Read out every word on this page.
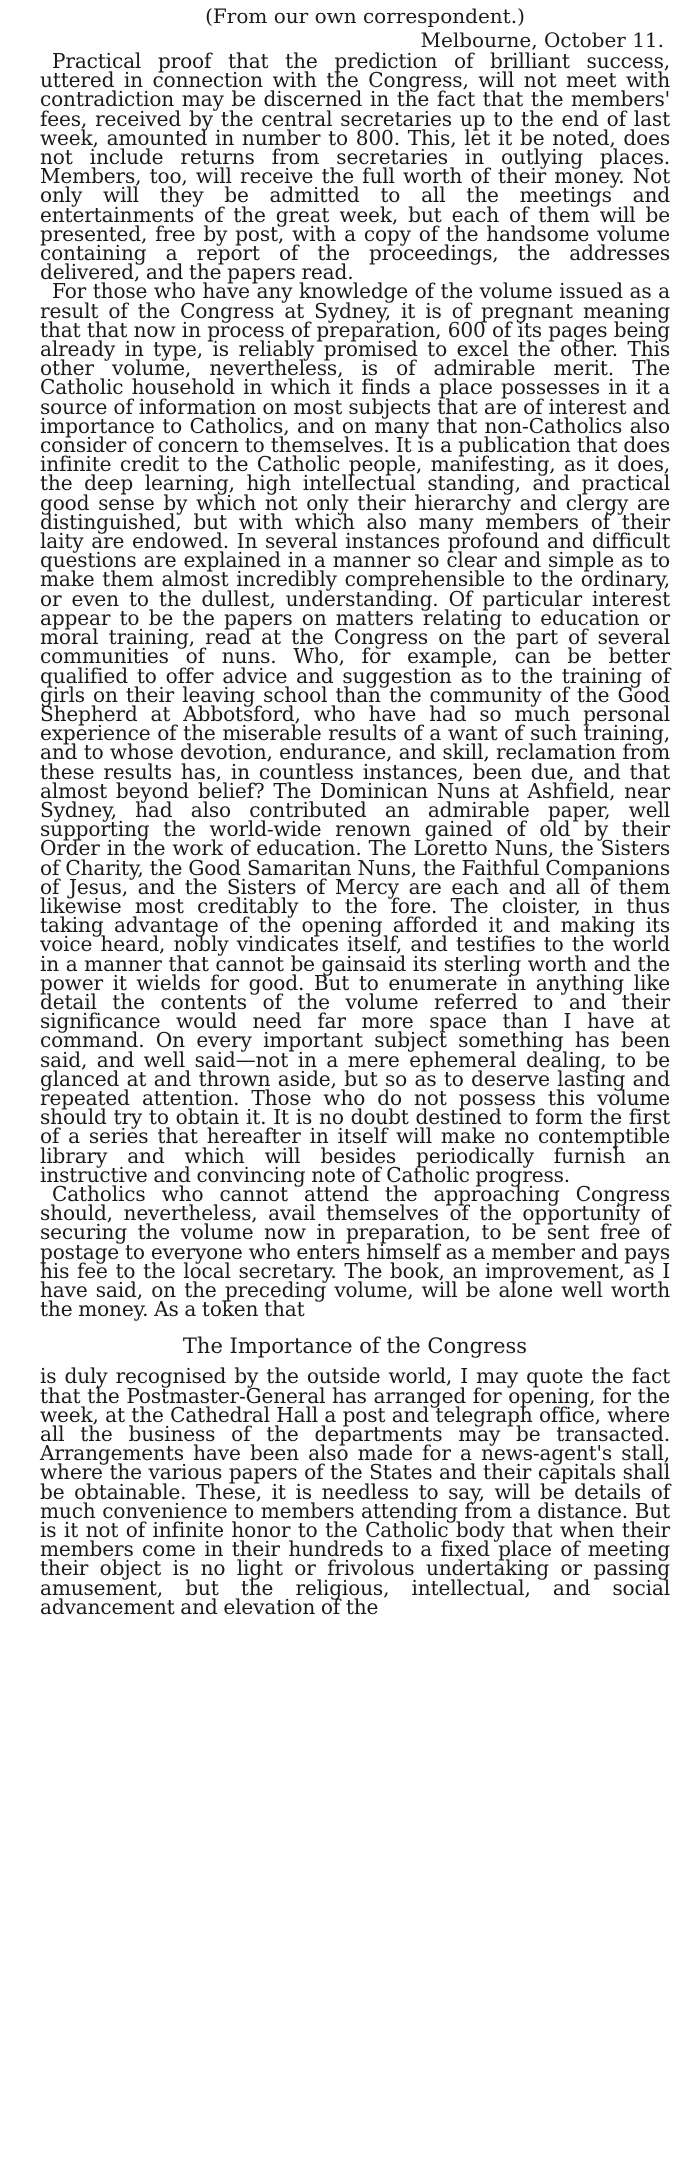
(From our own correspondent.)

Melbourne, October 11.

Practical proof that the prediction of brilliant success, uttered in connection with the Congress, will not meet with contradiction may be discerned in the fact that the members' fees, received by the central secretaries up to the end of last week, amounted in number to 800. This, let it be noted, does not include returns from secretaries in outlying places. Members, too, will receive the full worth of their money. Not only will they be admitted to all the meetings and entertainments of the great week, but each of them will be presented, free by post, with a copy of the handsome volume containing a report of the proceedings, the addresses delivered, and the papers read.

For those who have any knowledge of the volume issued as a result of the Congress at Sydney, it is of pregnant meaning that that now in process of preparation, 600 of its pages being already in type, is reliably promised to excel the other. This other volume, nevertheless, is of admirable merit. The Catholic household in which it finds a place possesses in it a source of information on most subjects that are of interest and importance to Catholics, and on many that non-Catholics also consider of concern to themselves. It is a publication that does infinite credit to the Catholic people, manifesting, as it does, the deep learning, high intellectual standing, and practical good sense by which not only their hierarchy and clergy are distinguished, but with which also many members of their laity are endowed. In several instances profound and difficult questions are explained in a manner so clear and simple as to make them almost incredibly comprehensible to the ordinary, or even to the dullest, understanding. Of particular interest appear to be the papers on matters relating to education or moral training, read at the Congress on the part of several communities of nuns. Who, for example, can be better qualified to offer advice and suggestion as to the training of girls on their leaving school than the community of the Good Shepherd at Abbotsford, who have had so much personal experience of the miserable results of a want of such training, and to whose devotion, endurance, and skill, reclamation from these results has, in countless instances, been due, and that almost beyond belief? The Dominican Nuns at Ashfield, near Sydney, had also contributed an admirable paper, well supporting the world-wide renown gained of old by their Order in the work of education. The Loretto Nuns, the Sisters of Charity, the Good Samaritan Nuns, the Faithful Companions of Jesus, and the Sisters of Mercy are each and all of them likewise most creditably to the fore. The cloister, in thus taking advantage of the opening afforded it and making its voice heard, nobly vindicates itself, and testifies to the world in a manner that cannot be gainsaid its sterling worth and the power it wields for good. But to enumerate in anything like detail the contents of the volume referred to and their significance would need far more space than I have at command. On every important subject something has been said, and well said—not in a mere ephemeral dealing, to be glanced at and thrown aside, but so as to deserve lasting and repeated attention. Those who do not possess this volume should try to obtain it. It is no doubt destined to form the first of a series that hereafter in itself will make no contemptible library and which will besides periodically furnish an instructive and convincing note of Catholic progress.

Catholics who cannot attend the approaching Congress should, nevertheless, avail themselves of the opportunity of securing the volume now in preparation, to be sent free of postage to everyone who enters himself as a member and pays his fee to the local secretary. The book, an improvement, as I have said, on the preceding volume, will be alone well worth the money. As a token that

The Importance of the Congress

is duly recognised by the outside world, I may quote the fact that the Postmaster-General has arranged for opening, for the week, at the Cathedral Hall a post and telegraph office, where all the business of the departments may be transacted. Arrangements have been also made for a news-agent's stall, where the various papers of the States and their capitals shall be obtainable. These, it is needless to say, will be details of much convenience to members attending from a distance. But is it not of infinite honor to the Catholic body that when their members come in their hundreds to a fixed place of meeting their object is no light or frivolous undertaking or passing amusement, but the religious, intellectual, and social advancement and elevation of the
